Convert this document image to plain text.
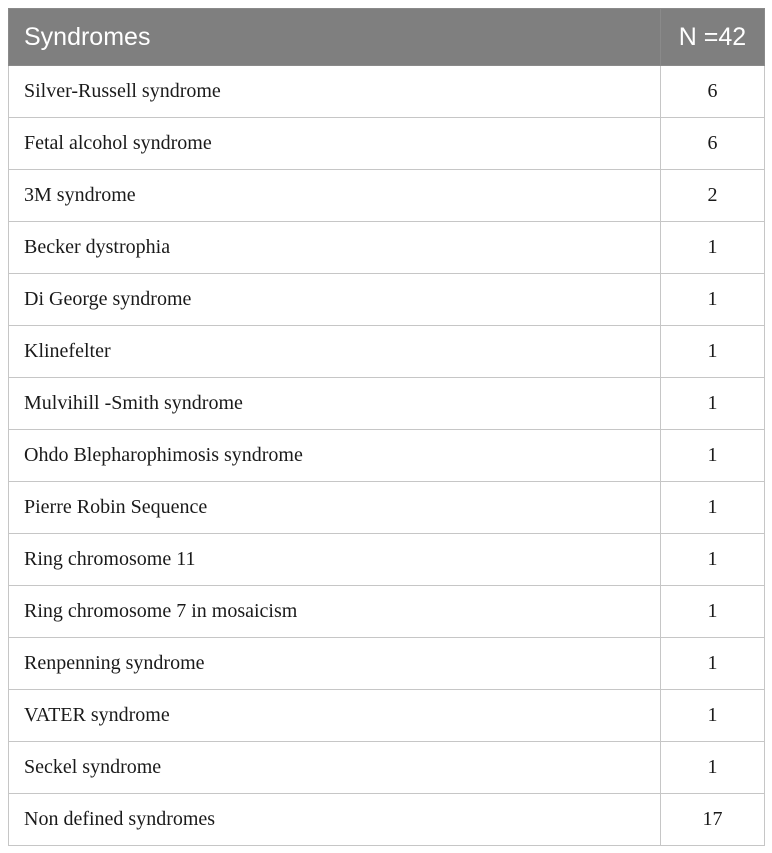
Syndromes	N =42
Silver-Russell syndrome	6
Fetal alcohol syndrome	6
3M syndrome	2
Becker dystrophia	1
Di George syndrome	1
Klinefelter	1
Mulvihill -Smith syndrome	1
Ohdo Blepharophimosis syndrome	1
Pierre Robin Sequence	1
Ring chromosome 11	1
Ring chromosome 7 in mosaicism	1
Renpenning syndrome	1
VATER syndrome	1
Seckel syndrome	1
Non defined syndromes	17
